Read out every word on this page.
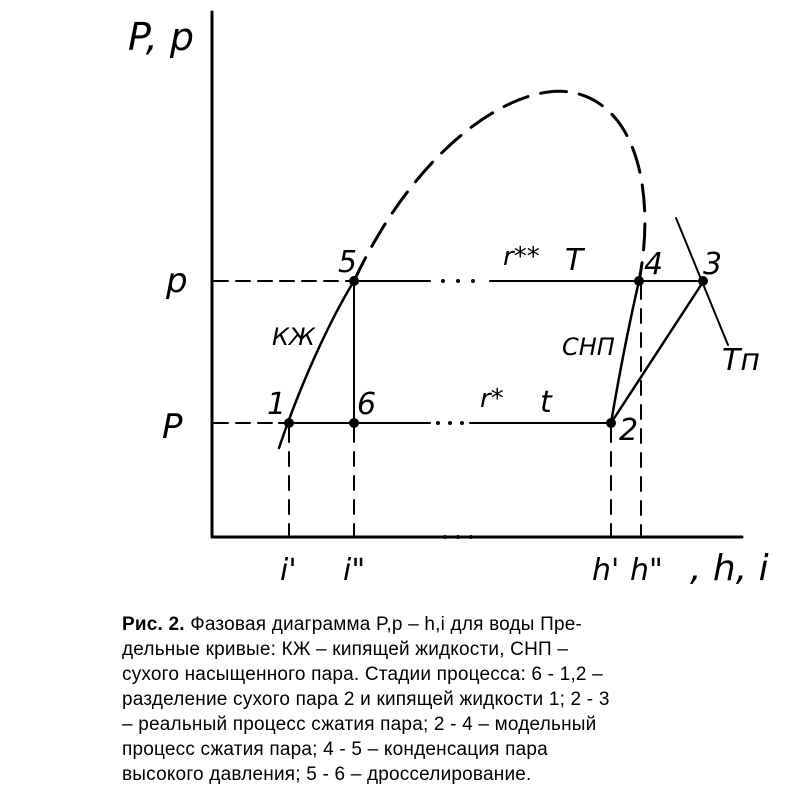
P, p
p
P
5	4 3
1 6
2
КЖ	СНП
T
Tп
t
r**
r*
i' i"	h' h" , h, i
Рис. 2. Фазовая диаграмма P,p – h,i для воды Пре-
дельные кривые: КЖ – кипящей жидкости, СНП –
сухого насыщенного пара. Стадии процесса: 6 - 1,2 –
разделение сухого пара 2 и кипящей жидкости 1; 2 - 3
– реальный процесс сжатия пара; 2 - 4 – модельный
процесс сжатия пара; 4 - 5 – конденсация пара
высокого давления; 5 - 6 – дросселирование.
